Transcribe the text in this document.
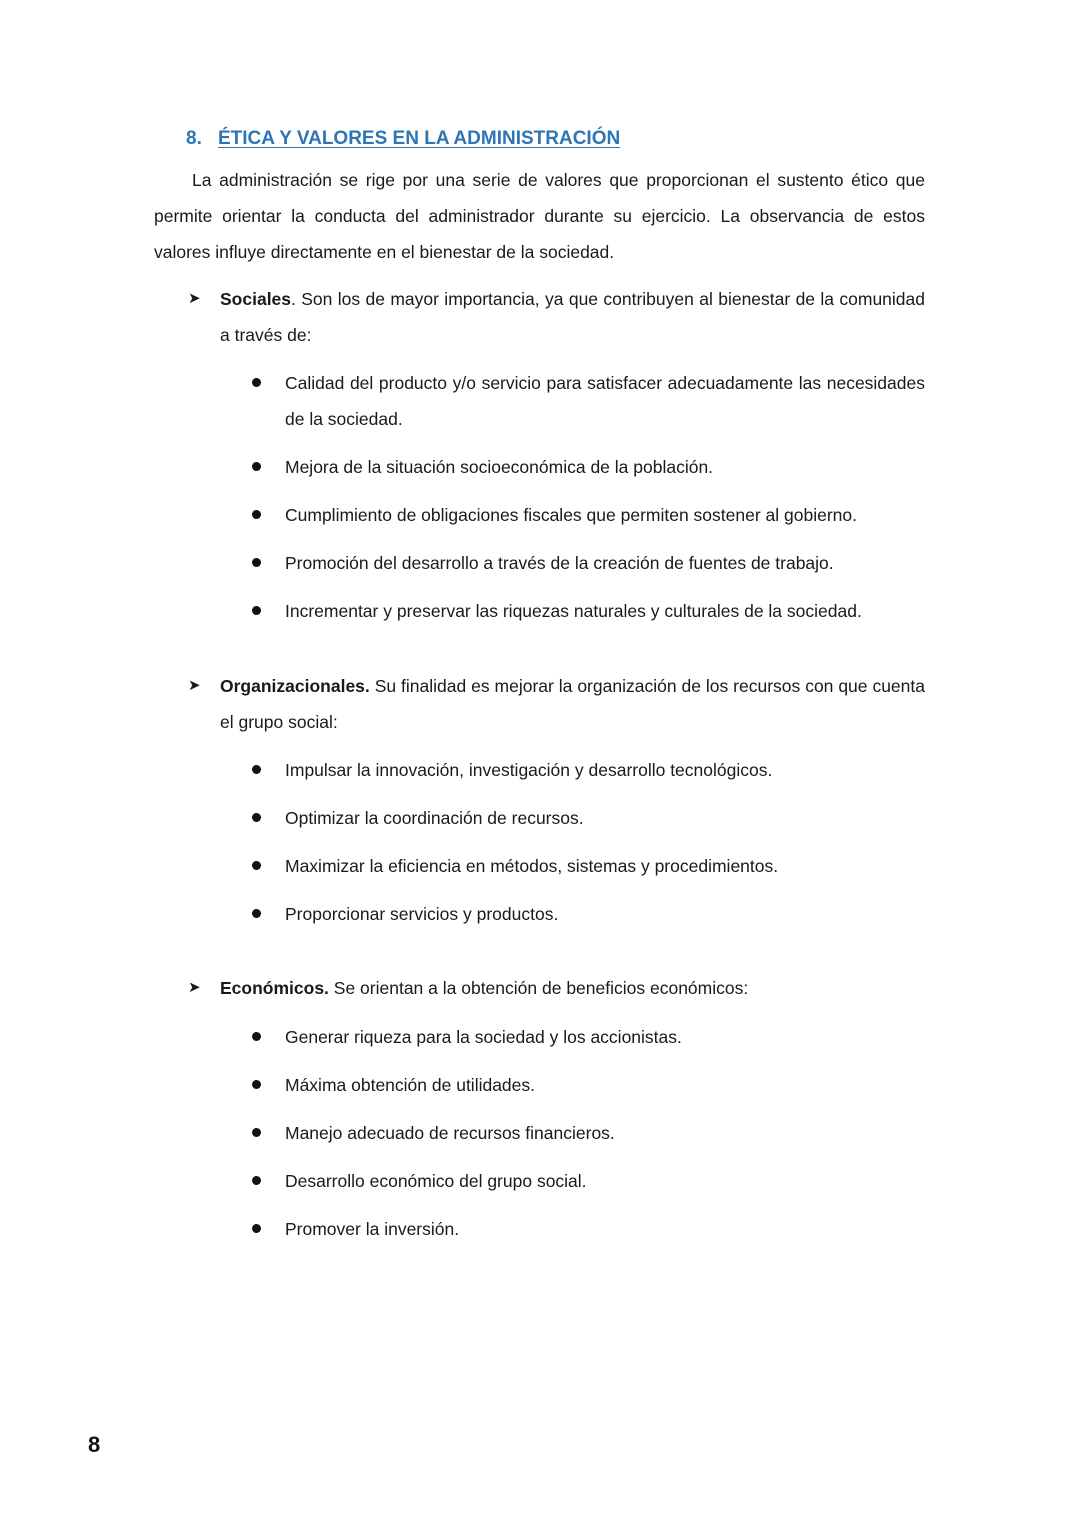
8. ÉTICA Y VALORES EN LA ADMINISTRACIÓN

La administración se rige por una serie de valores que proporcionan el sustento ético que permite orientar la conducta del administrador durante su ejercicio. La observancia de estos valores influye directamente en el bienestar de la sociedad.

➤ Sociales. Son los de mayor importancia, ya que contribuyen al bienestar de la comunidad a través de:

Calidad del producto y/o servicio para satisfacer adecuadamente las necesidades de la sociedad.
Mejora de la situación socioeconómica de la población.
Cumplimiento de obligaciones fiscales que permiten sostener al gobierno.
Promoción del desarrollo a través de la creación de fuentes de trabajo.
Incrementar y preservar las riquezas naturales y culturales de la sociedad.

➤ Organizacionales. Su finalidad es mejorar la organización de los recursos con que cuenta el grupo social:

Impulsar la innovación, investigación y desarrollo tecnológicos.
Optimizar la coordinación de recursos.
Maximizar la eficiencia en métodos, sistemas y procedimientos.
Proporcionar servicios y productos.

➤ Económicos. Se orientan a la obtención de beneficios económicos:

Generar riqueza para la sociedad y los accionistas.
Máxima obtención de utilidades.
Manejo adecuado de recursos financieros.
Desarrollo económico del grupo social.
Promover la inversión.
8
